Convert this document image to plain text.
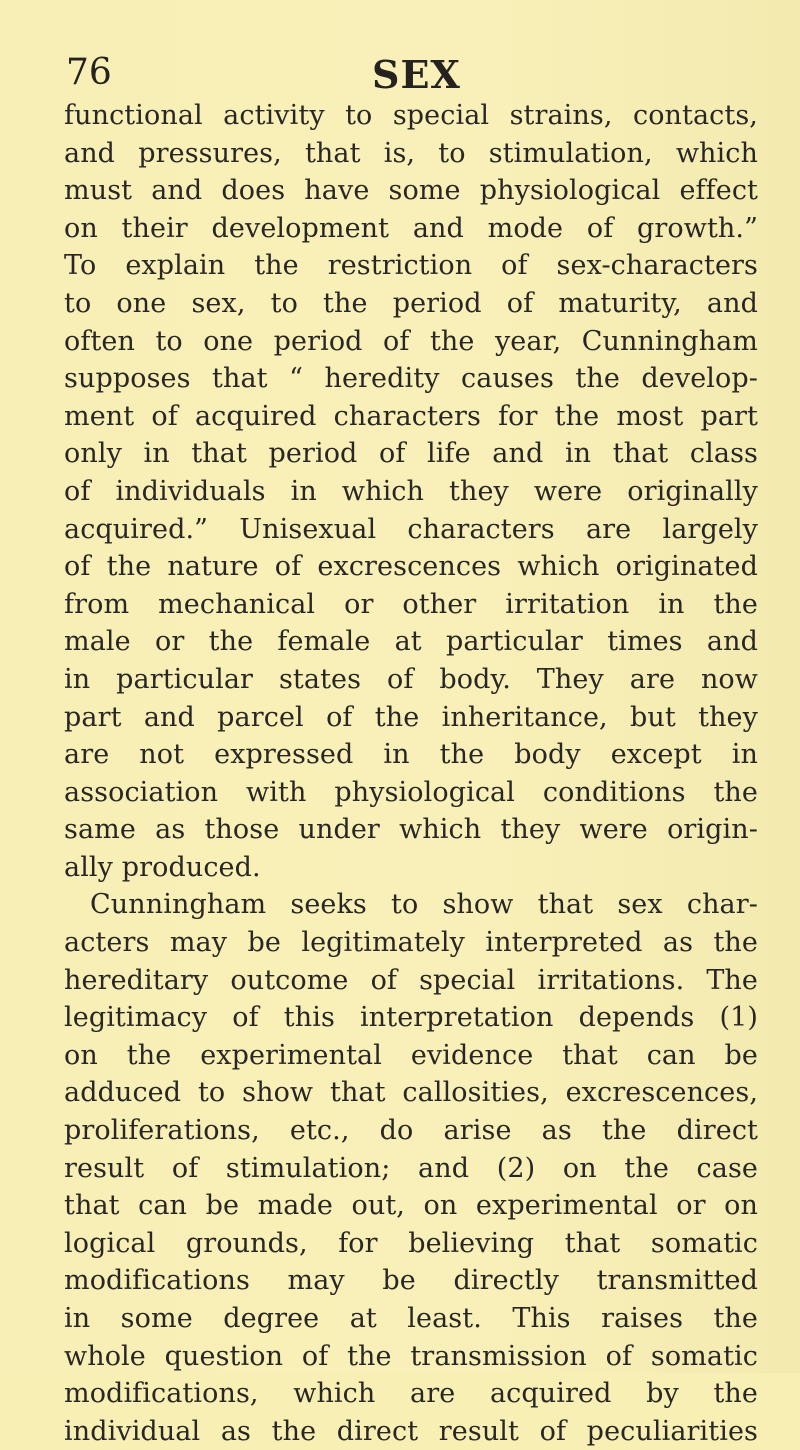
76	SEX
functional activity to special strains, contacts,
and pressures, that is, to stimulation, which
must and does have some physiological effect
on their development and mode of growth.”
To explain the restriction of sex-characters
to one sex, to the period of maturity, and
often to one period of the year, Cunningham
supposes that “ heredity causes the develop-
ment of acquired characters for the most part
only in that period of life and in that class
of individuals in which they were originally
acquired.” Unisexual characters are largely
of the nature of excrescences which originated
from mechanical or other irritation in the
male or the female at particular times and
in particular states of body. They are now
part and parcel of the inheritance, but they
are not expressed in the body except in
association with physiological conditions the
same as those under which they were origin-
ally produced.
Cunningham seeks to show that sex char-
acters may be legitimately interpreted as the
hereditary outcome of special irritations. The
legitimacy of this interpretation depends (1)
on the experimental evidence that can be
adduced to show that callosities, excrescences,
proliferations, etc., do arise as the direct
result of stimulation; and (2) on the case
that can be made out, on experimental or on
logical grounds, for believing that somatic
modifications may be directly transmitted
in some degree at least. This raises the
whole question of the transmission of somatic
modifications, which are acquired by the
individual as the direct result of peculiarities
